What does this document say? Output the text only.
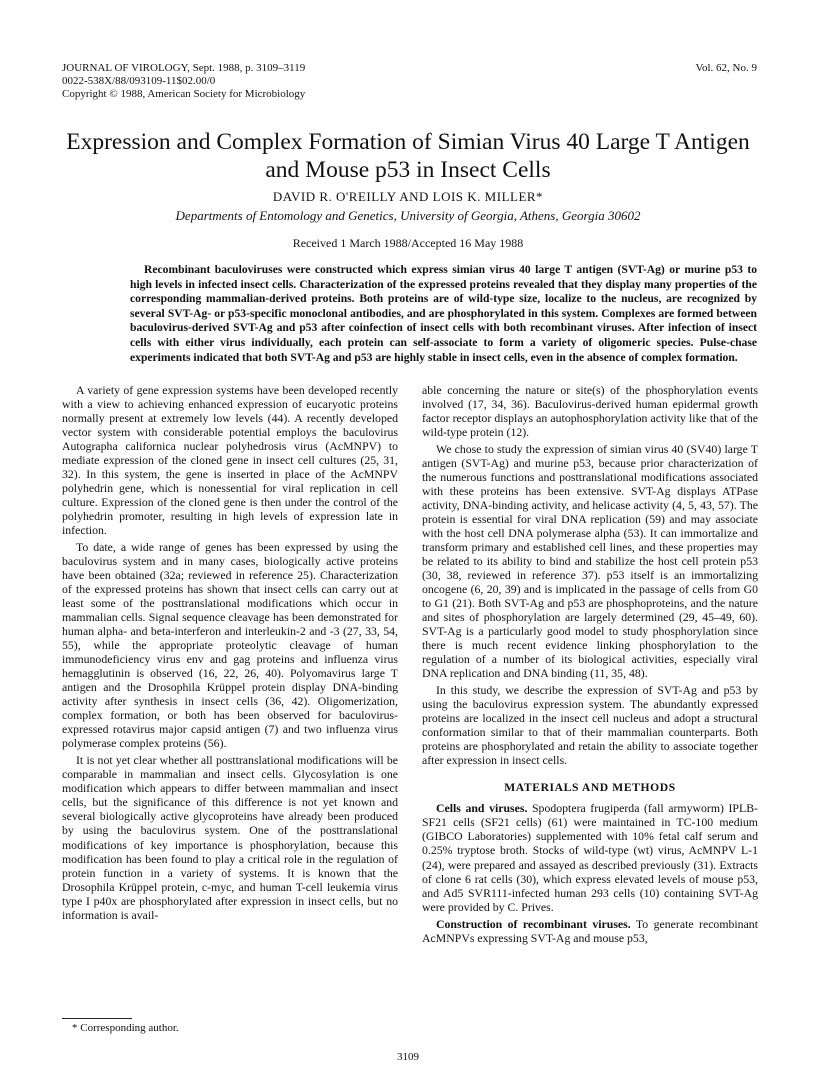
JOURNAL OF VIROLOGY, Sept. 1988, p. 3109–3119
0022-538X/88/093109-11$02.00/0
Copyright © 1988, American Society for Microbiology
Vol. 62, No. 9
Expression and Complex Formation of Simian Virus 40 Large T Antigen and Mouse p53 in Insect Cells
DAVID R. O'REILLY AND LOIS K. MILLER*
Departments of Entomology and Genetics, University of Georgia, Athens, Georgia 30602
Received 1 March 1988/Accepted 16 May 1988

Recombinant baculoviruses were constructed which express simian virus 40 large T antigen (SVT-Ag) or murine p53 to high levels in infected insect cells. Characterization of the expressed proteins revealed that they display many properties of the corresponding mammalian-derived proteins. Both proteins are of wild-type size, localize to the nucleus, are recognized by several SVT-Ag- or p53-specific monoclonal antibodies, and are phosphorylated in this system. Complexes are formed between baculovirus-derived SVT-Ag and p53 after coinfection of insect cells with both recombinant viruses. After infection of insect cells with either virus individually, each protein can self-associate to form a variety of oligomeric species. Pulse-chase experiments indicated that both SVT-Ag and p53 are highly stable in insect cells, even in the absence of complex formation.

A variety of gene expression systems have been developed recently with a view to achieving enhanced expression of eucaryotic proteins normally present at extremely low levels (44). A recently developed vector system with considerable potential employs the baculovirus Autographa californica nuclear polyhedrosis virus (AcMNPV) to mediate expression of the cloned gene in insect cell cultures (25, 31, 32). In this system, the gene is inserted in place of the AcMNPV polyhedrin gene, which is nonessential for viral replication in cell culture. Expression of the cloned gene is then under the control of the polyhedrin promoter, resulting in high levels of expression late in infection.

To date, a wide range of genes has been expressed by using the baculovirus system and in many cases, biologically active proteins have been obtained (32a; reviewed in reference 25). Characterization of the expressed proteins has shown that insect cells can carry out at least some of the posttranslational modifications which occur in mammalian cells. Signal sequence cleavage has been demonstrated for human alpha- and beta-interferon and interleukin-2 and -3 (27, 33, 54, 55), while the appropriate proteolytic cleavage of human immunodeficiency virus env and gag proteins and influenza virus hemagglutinin is observed (16, 22, 26, 40). Polyomavirus large T antigen and the Drosophila Krüppel protein display DNA-binding activity after synthesis in insect cells (36, 42). Oligomerization, complex formation, or both has been observed for baculovirus-expressed rotavirus major capsid antigen (7) and two influenza virus polymerase complex proteins (56).

It is not yet clear whether all posttranslational modifications will be comparable in mammalian and insect cells. Glycosylation is one modification which appears to differ between mammalian and insect cells, but the significance of this difference is not yet known and several biologically active glycoproteins have already been produced by using the baculovirus system. One of the posttranslational modifications of key importance is phosphorylation, because this modification has been found to play a critical role in the regulation of protein function in a variety of systems. It is known that the Drosophila Krüppel protein, c-myc, and human T-cell leukemia virus type I p40x are phosphorylated after expression in insect cells, but no information is avail-

able concerning the nature or site(s) of the phosphorylation events involved (17, 34, 36). Baculovirus-derived human epidermal growth factor receptor displays an autophosphorylation activity like that of the wild-type protein (12).

We chose to study the expression of simian virus 40 (SV40) large T antigen (SVT-Ag) and murine p53, because prior characterization of the numerous functions and posttranslational modifications associated with these proteins has been extensive. SVT-Ag displays ATPase activity, DNA-binding activity, and helicase activity (4, 5, 43, 57). The protein is essential for viral DNA replication (59) and may associate with the host cell DNA polymerase alpha (53). It can immortalize and transform primary and established cell lines, and these properties may be related to its ability to bind and stabilize the host cell protein p53 (30, 38, reviewed in reference 37). p53 itself is an immortalizing oncogene (6, 20, 39) and is implicated in the passage of cells from G0 to G1 (21). Both SVT-Ag and p53 are phosphoproteins, and the nature and sites of phosphorylation are largely determined (29, 45–49, 60). SVT-Ag is a particularly good model to study phosphorylation since there is much recent evidence linking phosphorylation to the regulation of a number of its biological activities, especially viral DNA replication and DNA binding (11, 35, 48).

In this study, we describe the expression of SVT-Ag and p53 by using the baculovirus expression system. The abundantly expressed proteins are localized in the insect cell nucleus and adopt a structural conformation similar to that of their mammalian counterparts. Both proteins are phosphorylated and retain the ability to associate together after expression in insect cells.

MATERIALS AND METHODS

Cells and viruses. Spodoptera frugiperda (fall armyworm) IPLB-SF21 cells (SF21 cells) (61) were maintained in TC-100 medium (GIBCO Laboratories) supplemented with 10% fetal calf serum and 0.25% tryptose broth. Stocks of wild-type (wt) virus, AcMNPV L-1 (24), were prepared and assayed as described previously (31). Extracts of clone 6 rat cells (30), which express elevated levels of mouse p53, and Ad5 SVR111-infected human 293 cells (10) containing SVT-Ag were provided by C. Prives.

Construction of recombinant viruses. To generate recombinant AcMNPVs expressing SVT-Ag and mouse p53,

* Corresponding author.
3109
